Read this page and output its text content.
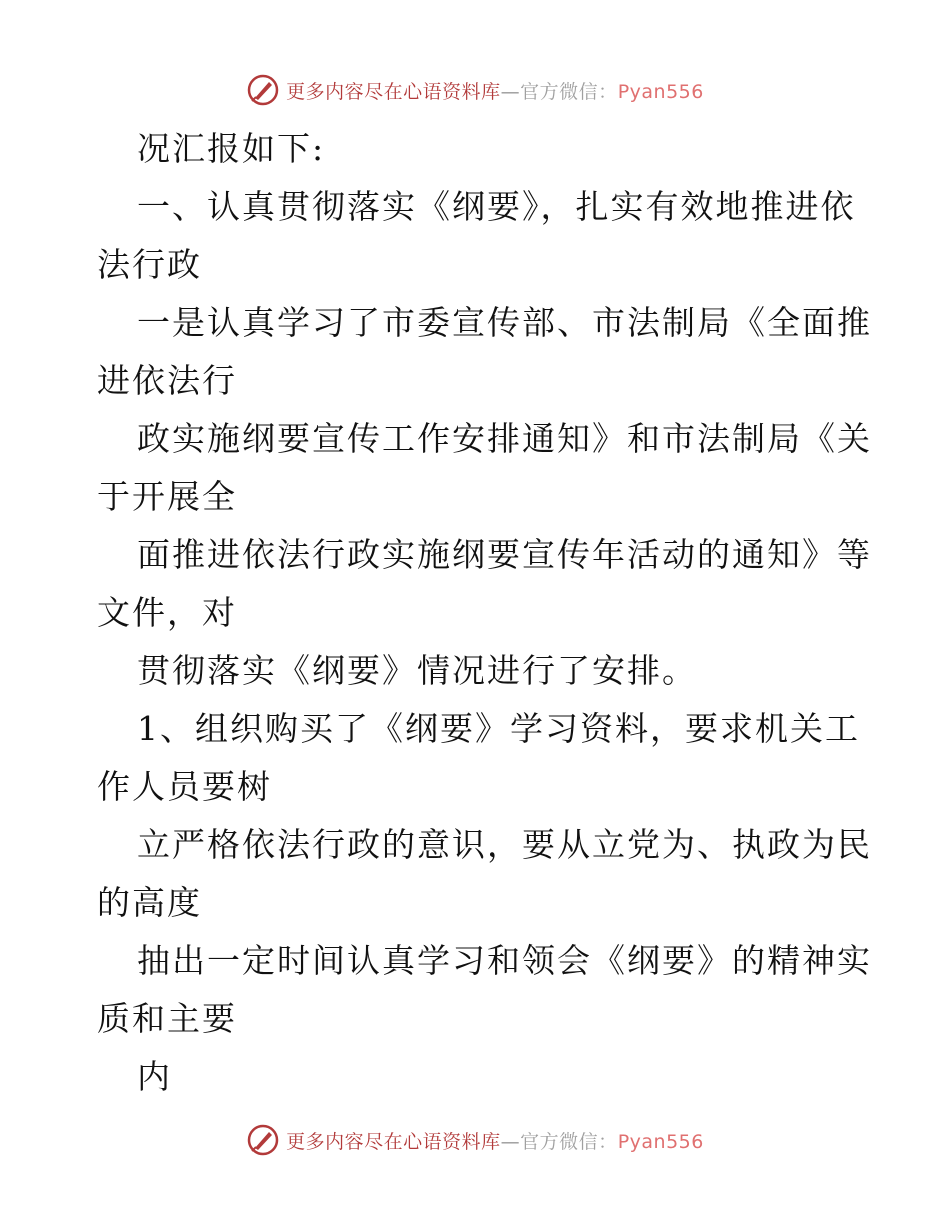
更多内容尽在心语资料库—官方微信：Pyan556
况汇报如下:
一、认真贯彻落实《纲要》，扎实有效地推进依
法行政
一是认真学习了市委宣传部、市法制局《全面推
进依法行
政实施纲要宣传工作安排通知》和市法制局《关
于开展全
面推进依法行政实施纲要宣传年活动的通知》等
文件，对
贯彻落实《纲要》情况进行了安排。
1、组织购买了《纲要》学习资料，要求机关工
作人员要树
立严格依法行政的意识，要从立党为、执政为民
的高度
抽出一定时间认真学习和领会《纲要》的精神实
质和主要
内
更多内容尽在心语资料库—官方微信：Pyan556
